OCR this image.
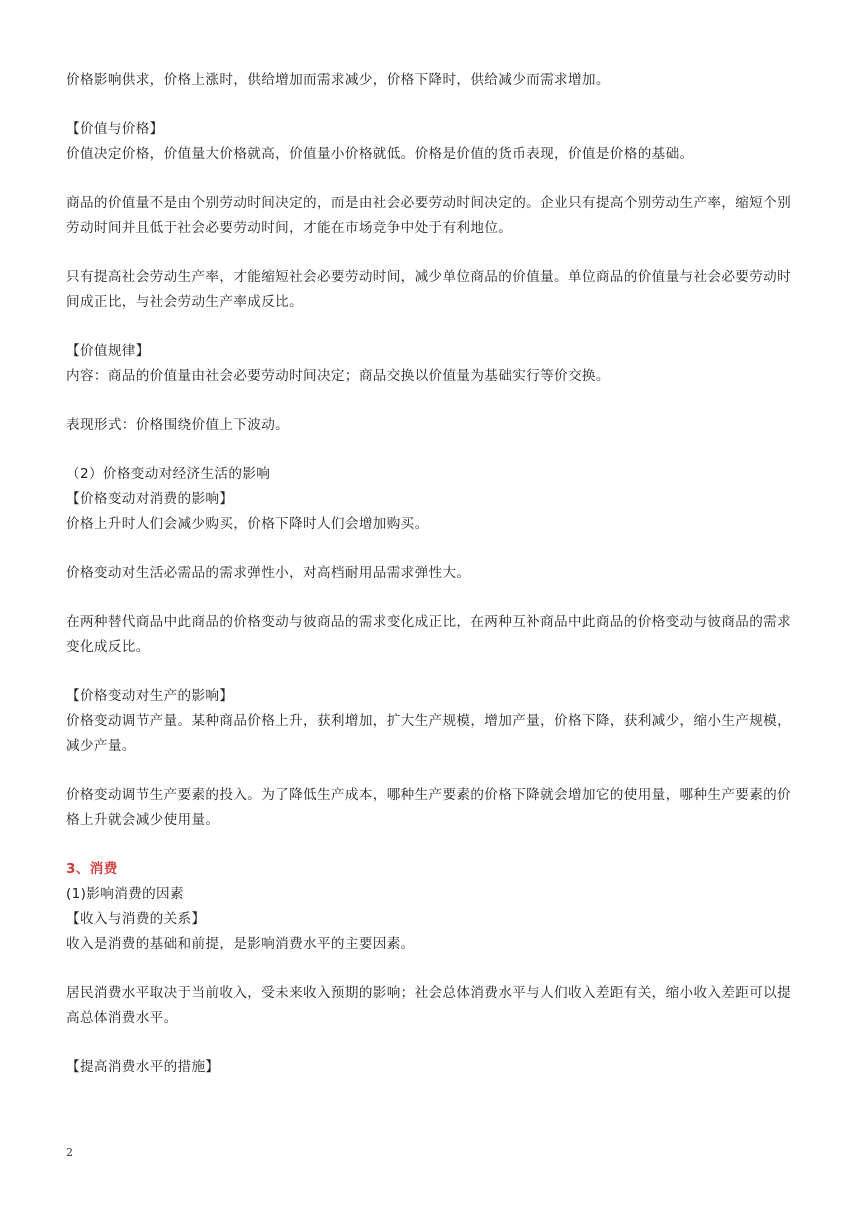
价格影响供求，价格上涨时，供给增加而需求减少，价格下降时，供给减少而需求增加。

【价值与价格】

价值决定价格，价值量大价格就高，价值量小价格就低。价格是价值的货币表现，价值是价格的基础。

商品的价值量不是由个别劳动时间决定的，而是由社会必要劳动时间决定的。企业只有提高个别劳动生产率，缩短个别劳动时间并且低于社会必要劳动时间，才能在市场竞争中处于有利地位。

只有提高社会劳动生产率，才能缩短社会必要劳动时间，减少单位商品的价值量。单位商品的价值量与社会必要劳动时间成正比，与社会劳动生产率成反比。

【价值规律】

内容：商品的价值量由社会必要劳动时间决定；商品交换以价值量为基础实行等价交换。

表现形式：价格围绕价值上下波动。

（2）价格变动对经济生活的影响

【价格变动对消费的影响】

价格上升时人们会减少购买，价格下降时人们会增加购买。

价格变动对生活必需品的需求弹性小，对高档耐用品需求弹性大。

在两种替代商品中此商品的价格变动与彼商品的需求变化成正比，在两种互补商品中此商品的价格变动与彼商品的需求变化成反比。

【价格变动对生产的影响】

价格变动调节产量。某种商品价格上升，获利增加，扩大生产规模，增加产量，价格下降，获利减少，缩小生产规模，减少产量。

价格变动调节生产要素的投入。为了降低生产成本，哪种生产要素的价格下降就会增加它的使用量，哪种生产要素的价格上升就会减少使用量。

3、消费

(1)影响消费的因素

【收入与消费的关系】

收入是消费的基础和前提，是影响消费水平的主要因素。

居民消费水平取决于当前收入，受未来收入预期的影响；社会总体消费水平与人们收入差距有关，缩小收入差距可以提高总体消费水平。

【提高消费水平的措施】

2
